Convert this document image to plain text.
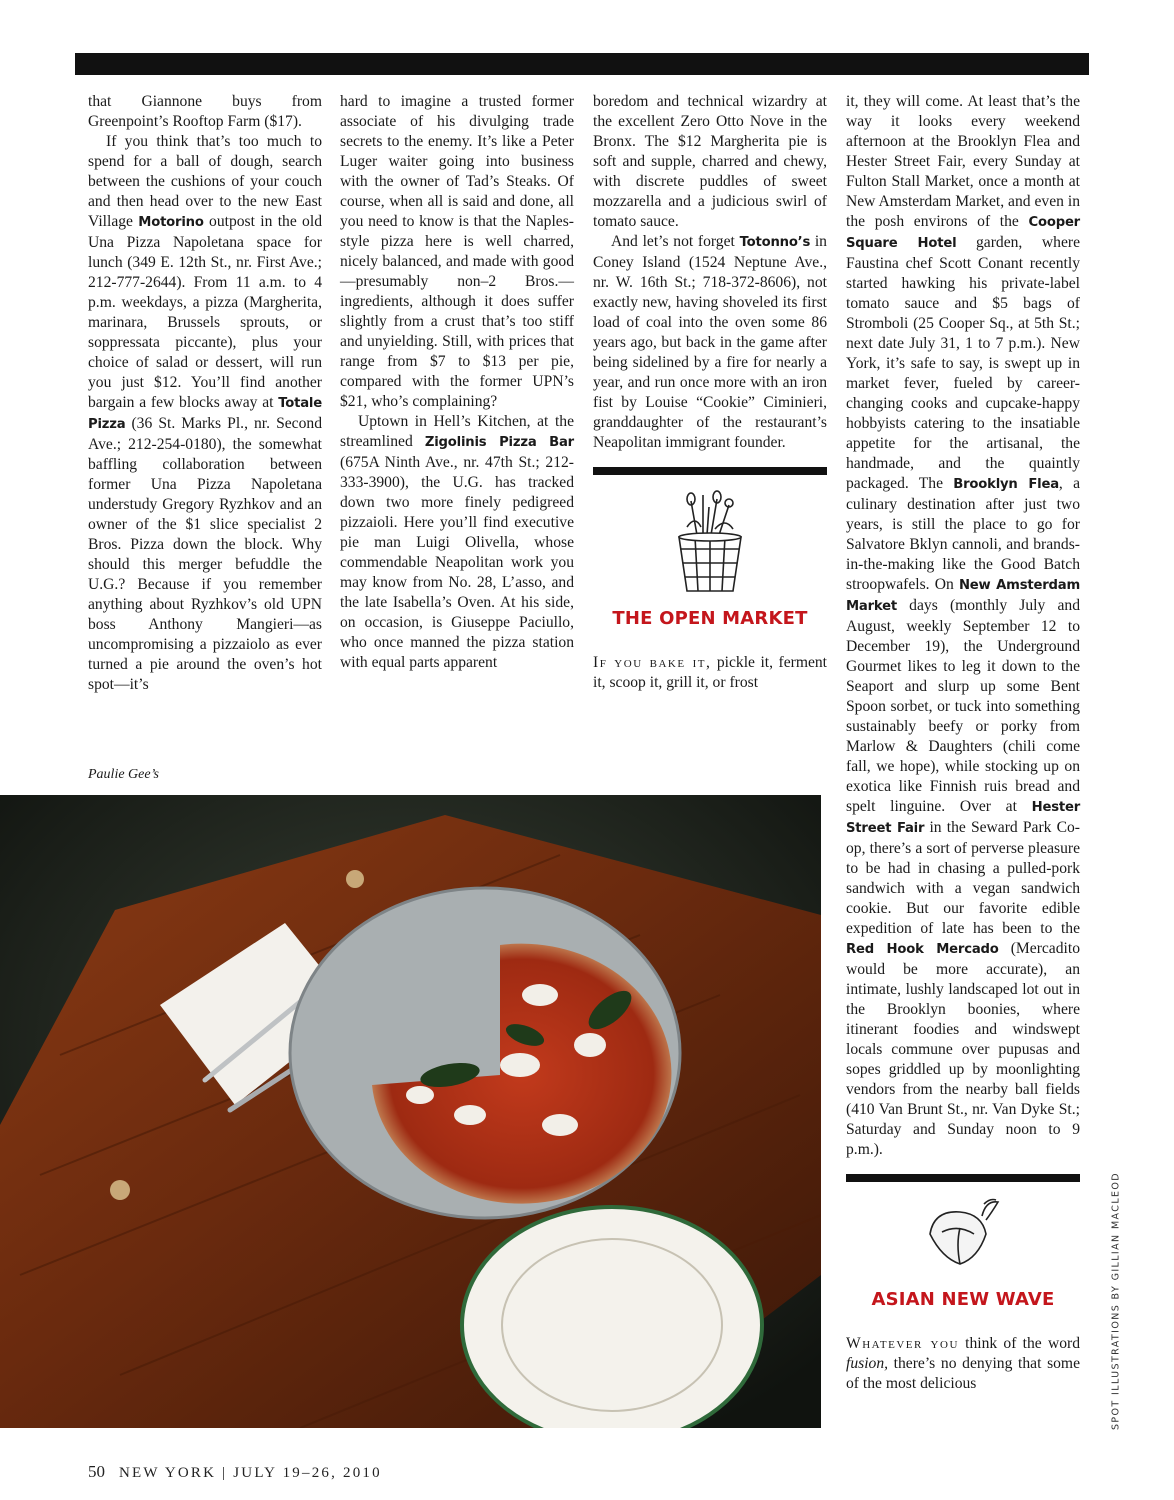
that Giannone buys from Greenpoint’s Rooftop Farm ($17).

If you think that’s too much to spend for a ball of dough, search between the cushions of your couch and then head over to the new East Village Motorino outpost in the old Una Pizza Napoletana space for lunch (349 E. 12th St., nr. First Ave.; 212-777-2644). From 11 a.m. to 4 p.m. weekdays, a pizza (Margherita, marinara, Brussels sprouts, or soppressata piccante), plus your choice of salad or dessert, will run you just $12. You’ll find another bargain a few blocks away at Totale Pizza (36 St. Marks Pl., nr. Second Ave.; 212-254-0180), the somewhat baffling collaboration between former Una Pizza Napoletana understudy Gregory Ryzhkov and an owner of the $1 slice specialist 2 Bros. Pizza down the block. Why should this merger befuddle the U.G.? Because if you remember anything about Ryzhkov’s old UPN boss Anthony Mangieri—as uncompromising a pizzaiolo as ever turned a pie around the oven’s hot spot—it’s

hard to imagine a trusted former associate of his divulging trade secrets to the enemy. It’s like a Peter Luger waiter going into business with the owner of Tad’s Steaks. Of course, when all is said and done, all you need to know is that the Naples-style pizza here is well charred, nicely balanced, and made with good—presumably non–2 Bros.—ingredients, although it does suffer slightly from a crust that’s too stiff and unyielding. Still, with prices that range from $7 to $13 per pie, compared with the former UPN’s $21, who’s complaining?

Uptown in Hell’s Kitchen, at the streamlined Zigolinis Pizza Bar (675A Ninth Ave., nr. 47th St.; 212-333-3900), the U.G. has tracked down two more finely pedigreed pizzaioli. Here you’ll find executive pie man Luigi Olivella, whose commendable Neapolitan work you may know from No. 28, L’asso, and the late Isabella’s Oven. At his side, on occasion, is Giuseppe Paciullo, who once manned the pizza station with equal parts apparent

boredom and technical wizardry at the excellent Zero Otto Nove in the Bronx. The $12 Margherita pie is soft and supple, charred and chewy, with discrete puddles of sweet mozzarella and a judicious swirl of tomato sauce.

And let’s not forget Totonno’s in Coney Island (1524 Neptune Ave., nr. W. 16th St.; 718-372-8606), not exactly new, having shoveled its first load of coal into the oven some 86 years ago, but back in the game after being sidelined by a fire for nearly a year, and run once more with an iron fist by Louise “Cookie” Ciminieri, granddaughter of the restaurant’s Neapolitan immigrant founder.

THE OPEN MARKET

If you bake it, pickle it, ferment it, scoop it, grill it, or frost

it, they will come. At least that’s the way it looks every weekend afternoon at the Brooklyn Flea and Hester Street Fair, every Sunday at Fulton Stall Market, once a month at New Amsterdam Market, and even in the posh environs of the Cooper Square Hotel garden, where Faustina chef Scott Conant recently started hawking his private-label tomato sauce and $5 bags of Stromboli (25 Cooper Sq., at 5th St.; next date July 31, 1 to 7 p.m.). New York, it’s safe to say, is swept up in market fever, fueled by career-changing cooks and cupcake-happy hobbyists catering to the insatiable appetite for the artisanal, the handmade, and the quaintly packaged. The Brooklyn Flea, a culinary destination after just two years, is still the place to go for Salvatore Bklyn cannoli, and brands-in-the-making like the Good Batch stroopwafels. On New Amsterdam Market days (monthly July and August, weekly September 12 to December 19), the Underground Gourmet likes to leg it down to the Seaport and slurp up some Bent Spoon sorbet, or tuck into something sustainably beefy or porky from Marlow & Daughters (chili come fall, we hope), while stocking up on exotica like Finnish ruis bread and spelt linguine. Over at Hester Street Fair in the Seward Park Co-op, there’s a sort of perverse pleasure to be had in chasing a pulled-pork sandwich with a vegan sandwich cookie. But our favorite edible expedition of late has been to the Red Hook Mercado (Mercadito would be more accurate), an intimate, lushly landscaped lot out in the Brooklyn boonies, where itinerant foodies and windswept locals commune over pupusas and sopes griddled up by moonlighting vendors from the nearby ball fields (410 Van Brunt St., nr. Van Dyke St.; Saturday and Sunday noon to 9 p.m.).

ASIAN NEW WAVE

Whatever you think of the word fusion, there’s no denying that some of the most delicious

Paulie Gee’s
SPOT ILLUSTRATIONS BY GILLIAN MACLEOD
50 NEW YORK | JULY 19–26, 2010
